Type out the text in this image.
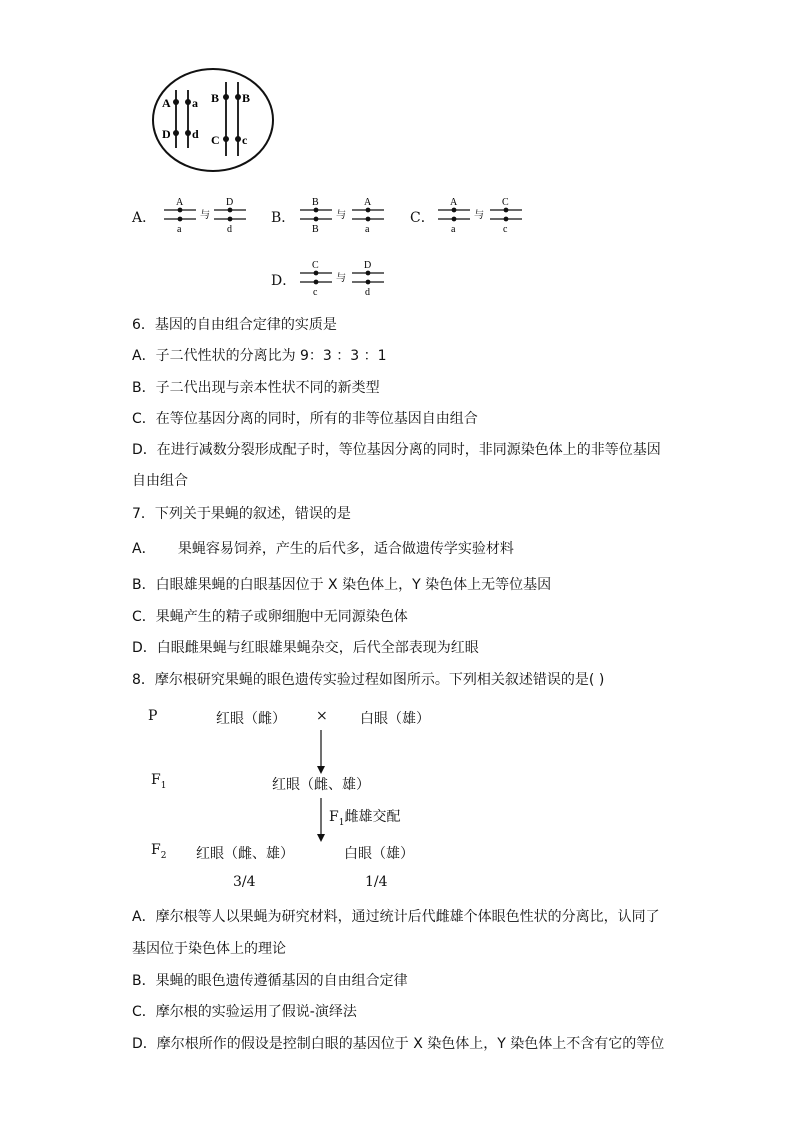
A a
D d
B B
C c
A．
A
a
与
D
d
B．
B
B
与
A
a
C．
A
a
与
C
c
D．
C
c
与
D
d
6．基因的自由组合定律的实质是
A．子二代性状的分离比为 9：3 ：3 ：1
B．子二代出现与亲本性状不同的新类型
C．在等位基因分离的同时，所有的非等位基因自由组合
D．在进行减数分裂形成配子时，等位基因分离的同时，非同源染色体上的非等位基因
自由组合
7．下列关于果蝇的叙述，错误的是
A．     果蝇容易饲养，产生的后代多，适合做遗传学实验材料
B．白眼雄果蝇的白眼基因位于 X 染色体上，Y 染色体上无等位基因
C．果蝇产生的精子或卵细胞中无同源染色体
D．白眼雌果蝇与红眼雄果蝇杂交，后代全部表现为红眼
8．摩尔根研究果蝇的眼色遗传实验过程如图所示。下列相关叙述错误的是( )
P	红眼（雌） × 白眼（雄）
$F_1$	红眼（雌、雄）
$F_1$雌雄交配
$F_2$ 红眼（雌、雄）	白眼（雄）
3/4	1/4
A．摩尔根等人以果蝇为研究材料，通过统计后代雌雄个体眼色性状的分离比，认同了
基因位于染色体上的理论
B．果蝇的眼色遗传遵循基因的自由组合定律
C．摩尔根的实验运用了假说-演绎法
D．摩尔根所作的假设是控制白眼的基因位于 X 染色体上，Y 染色体上不含有它的等位
